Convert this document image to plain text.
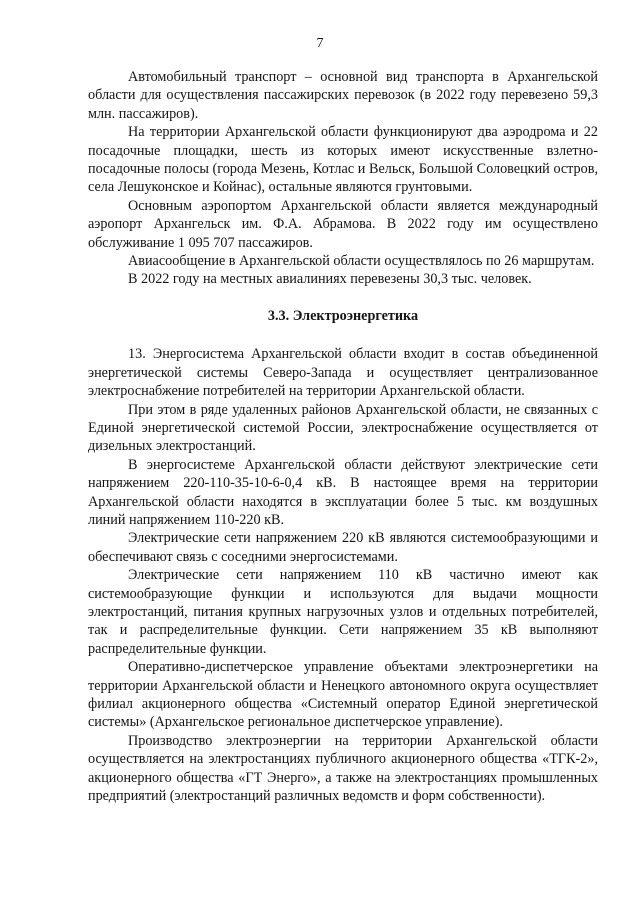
7

Автомобильный транспорт – основной вид транспорта в Архангельской области для осуществления пассажирских перевозок (в 2022 году перевезено 59,3 млн. пассажиров).

На территории Архангельской области функционируют два аэродрома и 22 посадочные площадки, шесть из которых имеют искусственные взлетно-посадочные полосы (города Мезень, Котлас и Вельск, Большой Соловецкий остров, села Лешуконское и Койнас), остальные являются грунтовыми.

Основным аэропортом Архангельской области является международный аэропорт Архангельск им. Ф.А. Абрамова. В 2022 году им осуществлено обслуживание 1 095 707 пассажиров.

Авиасообщение в Архангельской области осуществлялось по 26 маршрутам.

В 2022 году на местных авиалиниях перевезены 30,3 тыс. человек.

3.3. Электроэнергетика

13. Энергосистема Архангельской области входит в состав объединенной энергетической системы Северо-Запада и осуществляет централизованное электроснабжение потребителей на территории Архангельской области.

При этом в ряде удаленных районов Архангельской области, не связанных с Единой энергетической системой России, электроснабжение осуществляется от дизельных электростанций.

В энергосистеме Архангельской области действуют электрические сети напряжением 220-110-35-10-6-0,4 кВ. В настоящее время на территории Архангельской области находятся в эксплуатации более 5 тыс. км воздушных линий напряжением 110-220 кВ.

Электрические сети напряжением 220 кВ являются системообразующими и обеспечивают связь с соседними энергосистемами.

Электрические сети напряжением 110 кВ частично имеют как системообразующие функции и используются для выдачи мощности электростанций, питания крупных нагрузочных узлов и отдельных потребителей, так и распределительные функции. Сети напряжением 35 кВ выполняют распределительные функции.

Оперативно-диспетчерское управление объектами электроэнергетики на территории Архангельской области и Ненецкого автономного округа осуществляет филиал акционерного общества «Системный оператор Единой энергетической системы» (Архангельское региональное диспетчерское управление).

Производство электроэнергии на территории Архангельской области осуществляется на электростанциях публичного акционерного общества «ТГК-2», акционерного общества «ГТ Энерго», а также на электростанциях промышленных предприятий (электростанций различных ведомств и форм собственности).
